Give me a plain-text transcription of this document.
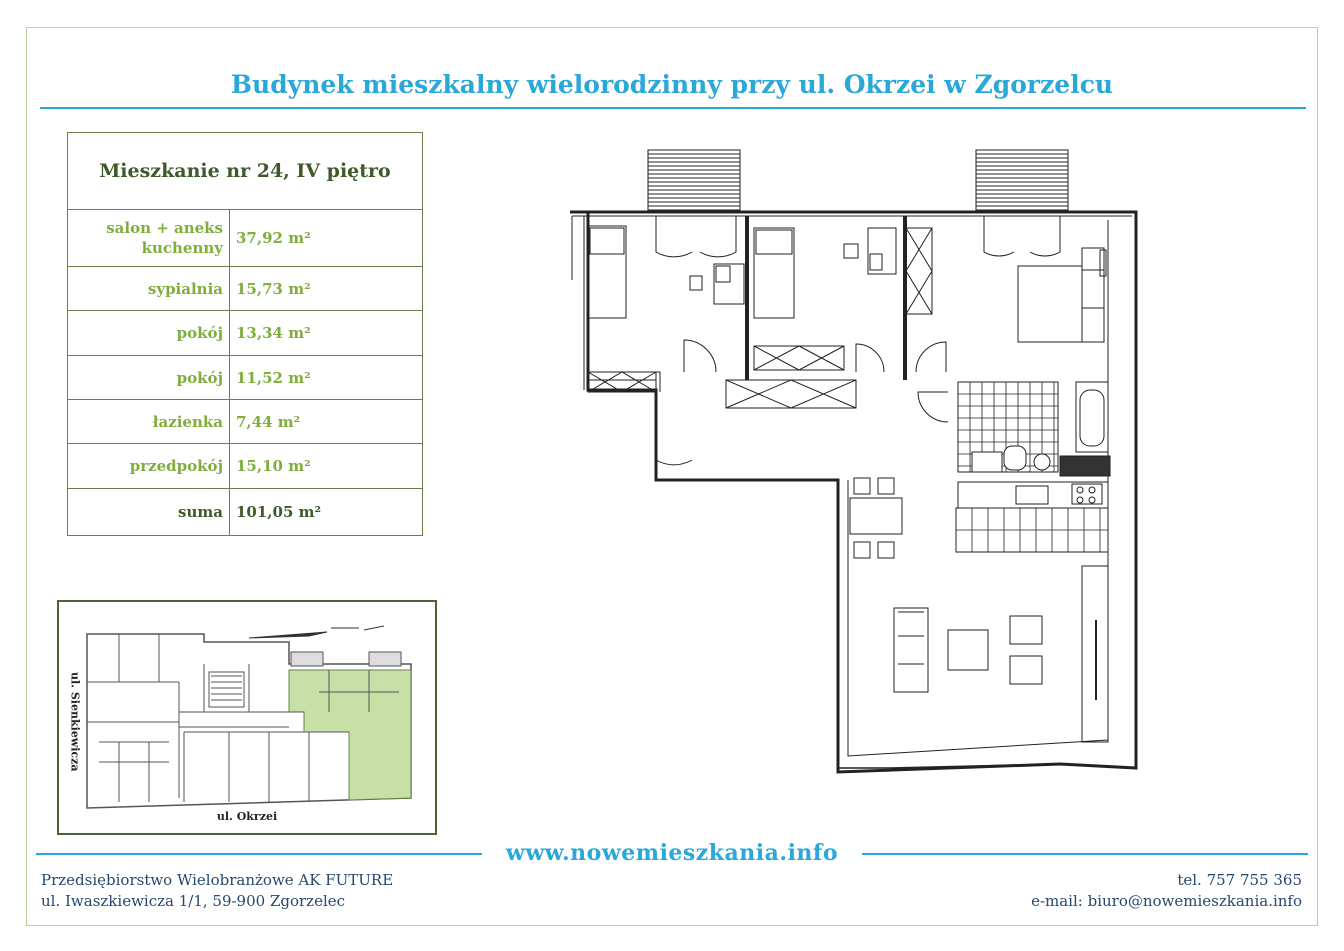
Budynek mieszkalny wielorodzinny przy ul. Okrzei w Zgorzelcu
Mieszkanie nr 24, IV piętro
salon + aneks kuchenny
37,92 m²
sypialnia 15,73 m²
pokój 13,34 m²
pokój 11,52 m²
łazienka 7,44 m²
przedpokój 15,10 m²
suma 101,05 m²
ul. Sienkiewicza
ul. Okrzei
www.nowemieszkania.info
Przedsiębiorstwo Wielobranżowe AK FUTURE
ul. Iwaszkiewicza 1/1, 59-900 Zgorzelec
tel. 757 755 365
e-mail: biuro@nowemieszkania.info
